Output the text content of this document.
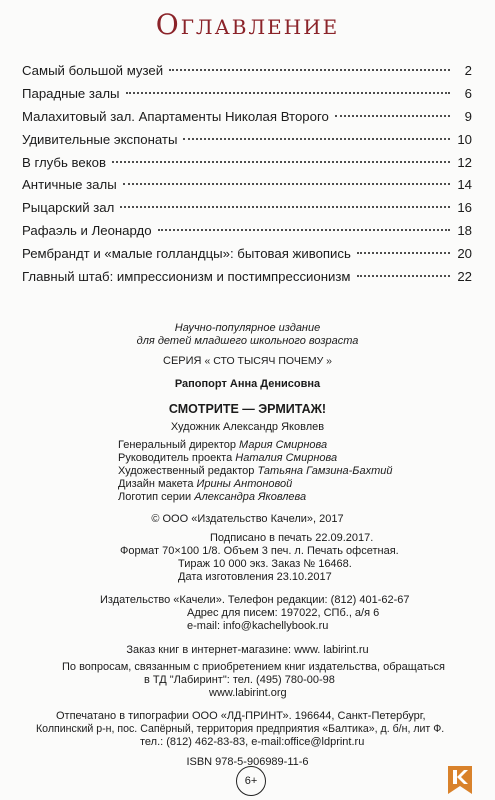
Оглавление
Самый большой музей	2
Парадные залы	6
Малахитовый зал. Апартаменты Николая Второго	9
Удивительные экспонаты	10
В глубь веков	12
Античные залы	14
Рыцарский зал	16
Рафаэль и Леонардо	18
Рембрандт и «малые голландцы»: бытовая живопись	20
Главный штаб: импрессионизм и постимпрессионизм	22
Научно-популярное издание
для детей младшего школьного возраста
СЕРИЯ « СТО ТЫСЯЧ ПОЧЕМУ »
Рапопорт Анна Денисовна
СМОТРИТЕ — ЭРМИТАЖ!
Художник Александр Яковлев
Генеральный директор Мария Смирнова
Руководитель проекта Наталия Смирнова
Художественный редактор Татьяна Гамзина-Бахтий
Дизайн макета Ирины Антоновой
Логотип серии Александра Яковлева
© ООО «Издательство Качели», 2017
Подписано в печать 22.09.2017.
Формат 70×100 1/8. Объем 3 печ. л. Печать офсетная.
Тираж 10 000 экз. Заказ № 16468.
Дата изготовления 23.10.2017
Издательство «Качели». Телефон редакции: (812) 401-62-67
Адрес для писем: 197022, СПб., а/я 6
e-mail: info@kachellybook.ru
Заказ книг в интернет-магазине: www. labirint.ru
По вопросам, связанным с приобретением книг издательства, обращаться
в ТД "Лабиринт": тел. (495) 780-00-98
www.labirint.org
Отпечатано в типографии ООО «ЛД-ПРИНТ». 196644, Санкт-Петербург,
Колпинский р-н, пос. Сапёрный, территория предприятия «Балтика», д. б/н, лит Ф.
тел.: (812) 462-83-83, e-mail:office@ldprint.ru
ISBN 978-5-906989-11-6
6+
